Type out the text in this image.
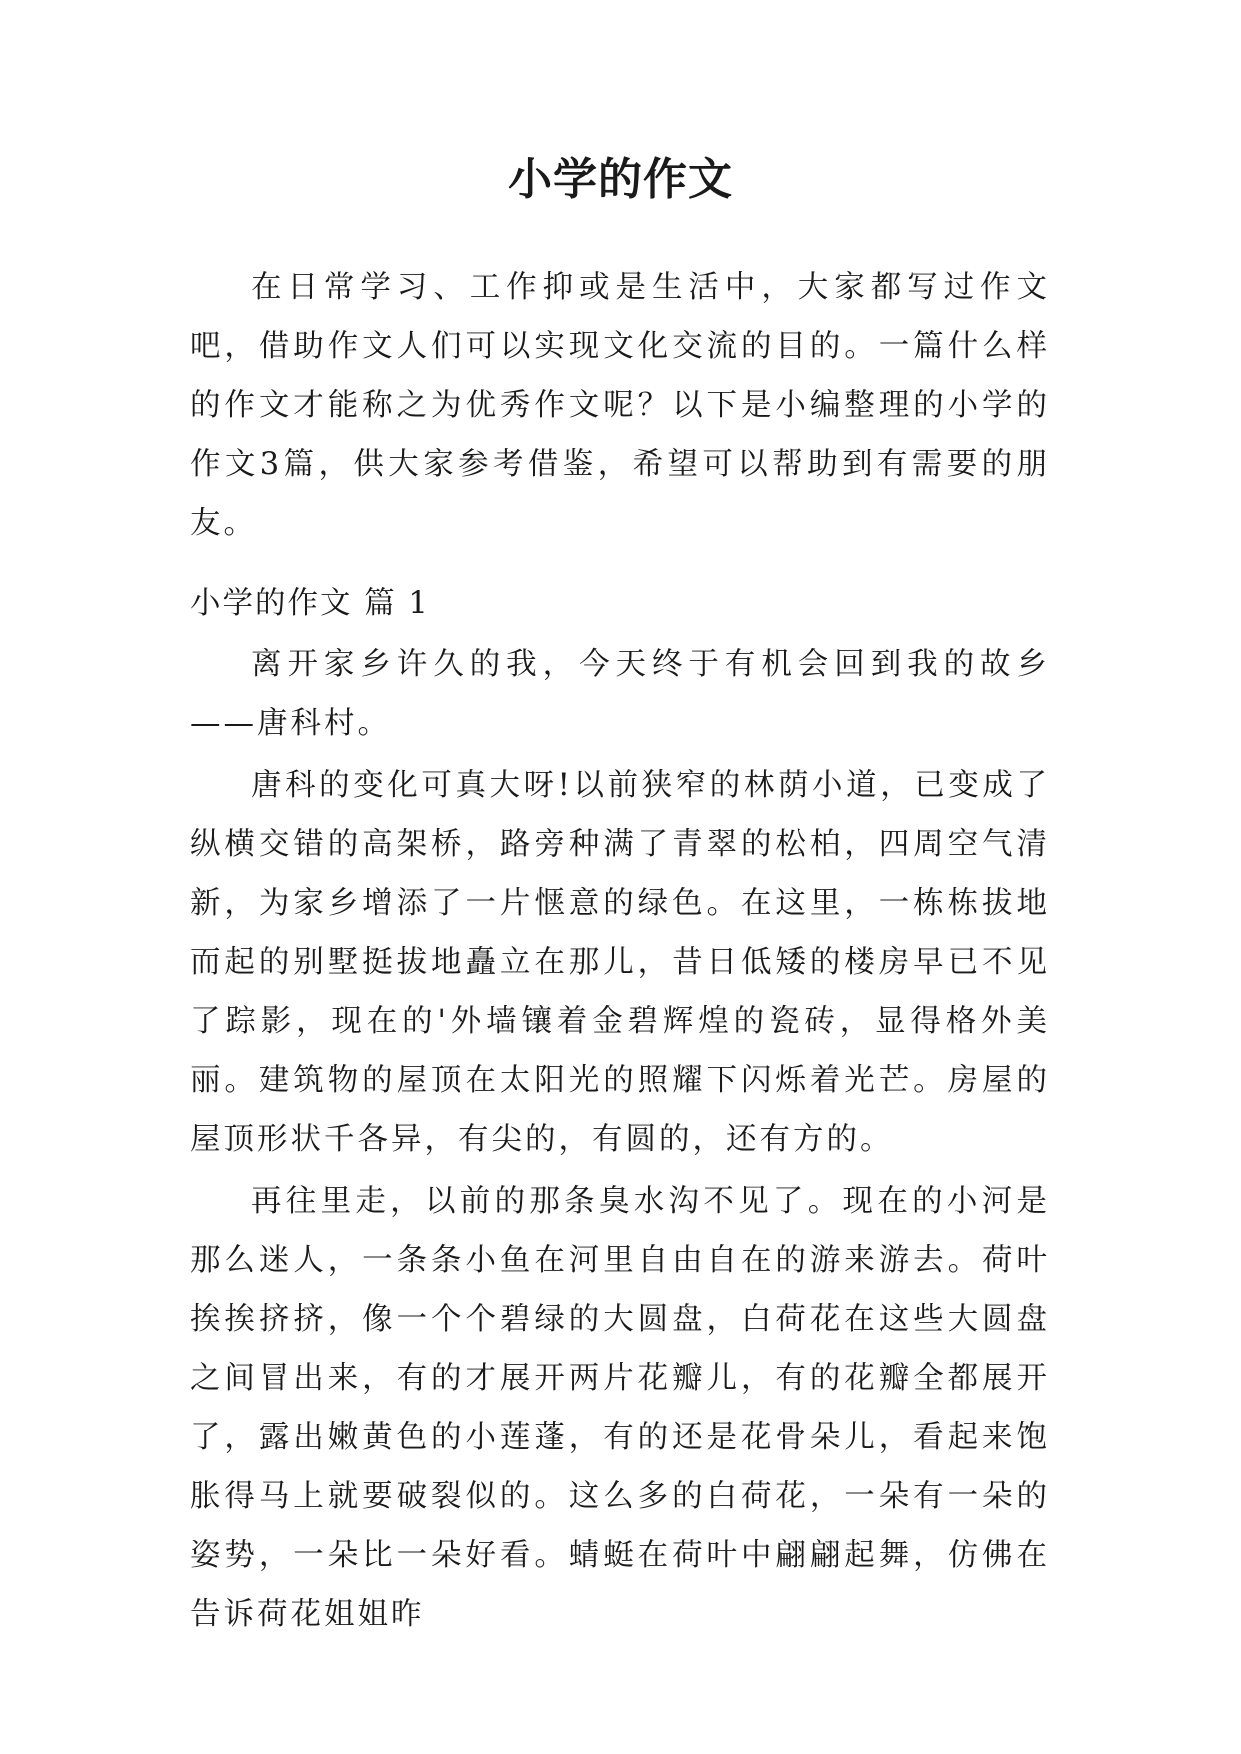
小学的作文

在日常学习、工作抑或是生活中，大家都写过作文吧，借助作文人们可以实现文化交流的目的。一篇什么样的作文才能称之为优秀作文呢？以下是小编整理的小学的作文3篇，供大家参考借鉴，希望可以帮助到有需要的朋友。

小学的作文 篇 1

离开家乡许久的我，今天终于有机会回到我的故乡——唐科村。

唐科的变化可真大呀!以前狭窄的林荫小道，已变成了纵横交错的高架桥，路旁种满了青翠的松柏，四周空气清新，为家乡增添了一片惬意的绿色。在这里，一栋栋拔地而起的别墅挺拔地矗立在那儿，昔日低矮的楼房早已不见了踪影，现在的'外墙镶着金碧辉煌的瓷砖，显得格外美丽。建筑物的屋顶在太阳光的照耀下闪烁着光芒。房屋的屋顶形状千各异，有尖的，有圆的，还有方的。

再往里走，以前的那条臭水沟不见了。现在的小河是那么迷人，一条条小鱼在河里自由自在的游来游去。荷叶挨挨挤挤，像一个个碧绿的大圆盘，白荷花在这些大圆盘之间冒出来，有的才展开两片花瓣儿，有的花瓣全都展开了，露出嫩黄色的小莲蓬，有的还是花骨朵儿，看起来饱胀得马上就要破裂似的。这么多的白荷花，一朵有一朵的姿势，一朵比一朵好看。蜻蜓在荷叶中翩翩起舞，仿佛在告诉荷花姐姐昨
